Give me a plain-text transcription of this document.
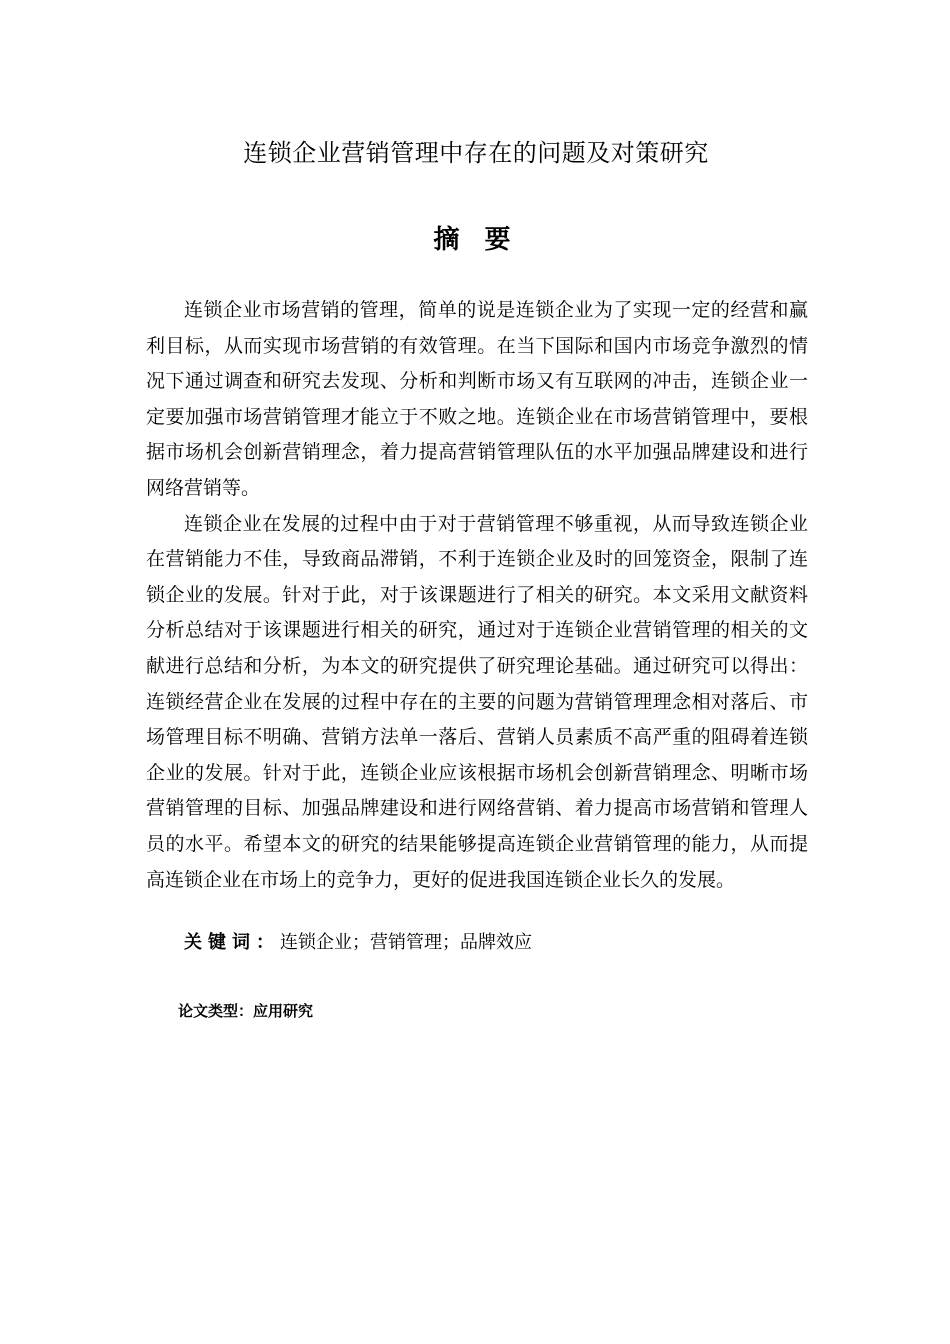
连锁企业营销管理中存在的问题及对策研究
摘 要

连锁企业市场营销的管理，简单的说是连锁企业为了实现一定的经营和赢利目标，从而实现市场营销的有效管理。在当下国际和国内市场竞争激烈的情况下通过调查和研究去发现、分析和判断市场又有互联网的冲击，连锁企业一定要加强市场营销管理才能立于不败之地。连锁企业在市场营销管理中，要根据市场机会创新营销理念，着力提高营销管理队伍的水平加强品牌建设和进行网络营销等。

连锁企业在发展的过程中由于对于营销管理不够重视，从而导致连锁企业在营销能力不佳，导致商品滞销，不利于连锁企业及时的回笼资金，限制了连锁企业的发展。针对于此，对于该课题进行了相关的研究。本文采用文献资料分析总结对于该课题进行相关的研究，通过对于连锁企业营销管理的相关的文献进行总结和分析，为本文的研究提供了研究理论基础。通过研究可以得出：连锁经营企业在发展的过程中存在的主要的问题为营销管理理念相对落后、市场管理目标不明确、营销方法单一落后、营销人员素质不高严重的阻碍着连锁企业的发展。针对于此，连锁企业应该根据市场机会创新营销理念、明晰市场营销管理的目标、加强品牌建设和进行网络营销、着力提高市场营销和管理人员的水平。希望本文的研究的结果能够提高连锁企业营销管理的能力，从而提高连锁企业在市场上的竞争力，更好的促进我国连锁企业长久的发展。

关键词：连锁企业；营销管理；品牌效应
论文类型：应用研究
